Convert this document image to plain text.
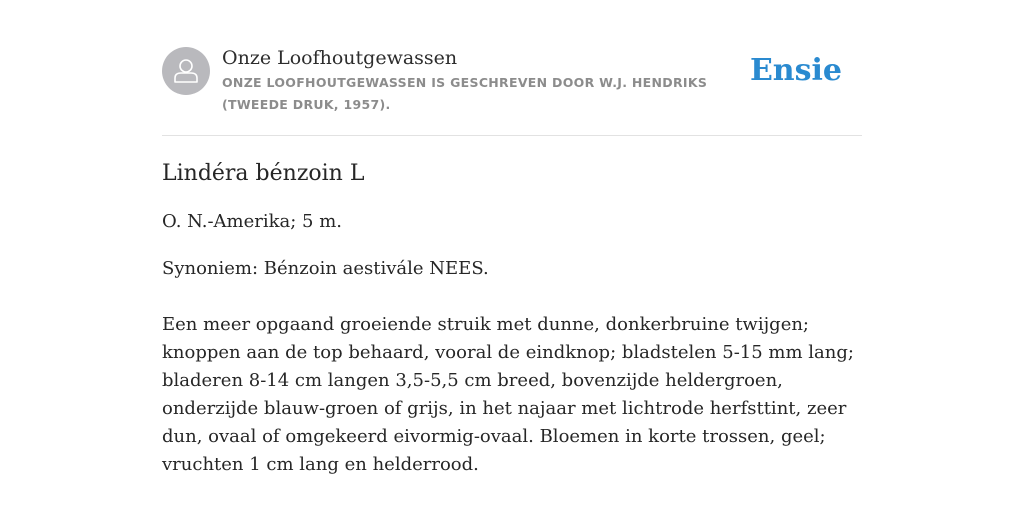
Onze Loofhoutgewassen
ONZE LOOFHOUTGEWASSEN IS GESCHREVEN DOOR W.J. HENDRIKS (TWEEDE DRUK, 1957).
Ensie
Lindéra bénzoin L

O. N.-Amerika; 5 m.

Synoniem: Bénzoin aestivále NEES.

Een meer opgaand groeiende struik met dunne, donkerbruine twijgen; knoppen aan de top behaard, vooral de eindknop; bladstelen 5-15 mm lang; bladeren 8-14 cm langen 3,5-5,5 cm breed, bovenzijde heldergroen, onderzijde blauw-groen of grijs, in het najaar met lichtrode herfsttint, zeer dun, ovaal of omgekeerd eivormig-ovaal. Bloemen in korte trossen, geel; vruchten 1 cm lang en helderrood.
